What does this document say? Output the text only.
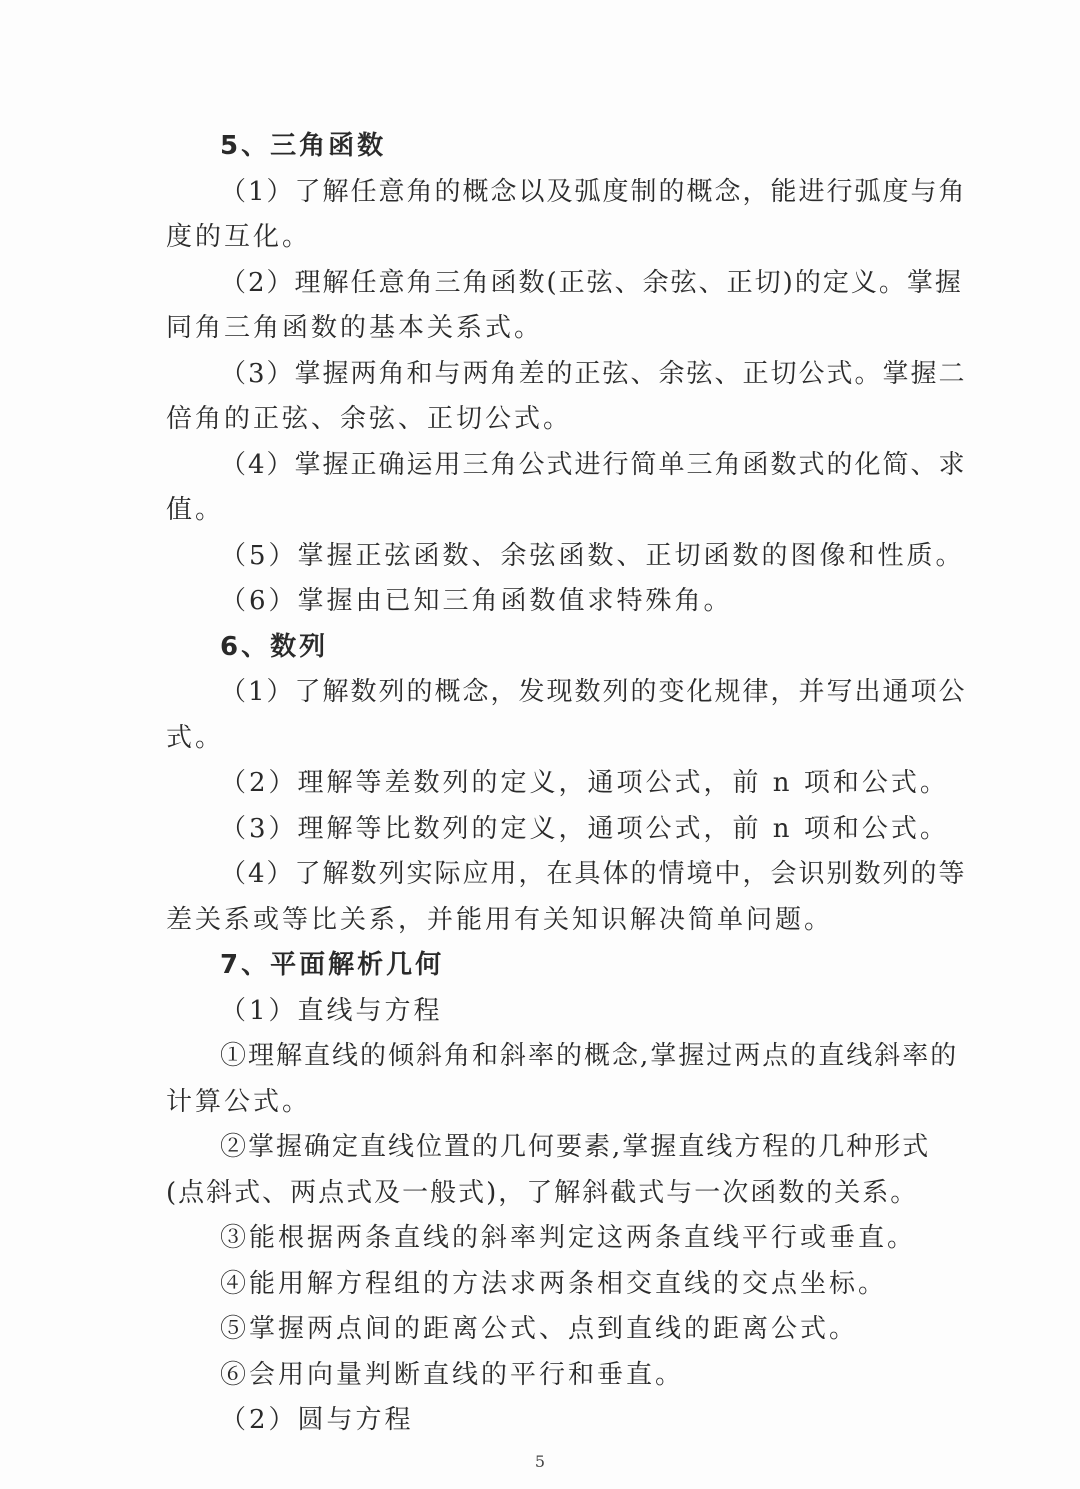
5、三角函数
（1）了解任意角的概念以及弧度制的概念，能进行弧度与角
度的互化。
（2）理解任意角三角函数(正弦、余弦、正切)的定义。掌握
同角三角函数的基本关系式。
（3）掌握两角和与两角差的正弦、余弦、正切公式。掌握二
倍角的正弦、余弦、正切公式。
（4）掌握正确运用三角公式进行简单三角函数式的化简、求
值。
（5）掌握正弦函数、余弦函数、正切函数的图像和性质。
（6）掌握由已知三角函数值求特殊角。
6、数列
（1）了解数列的概念，发现数列的变化规律，并写出通项公
式。
（2）理解等差数列的定义，通项公式，前 n 项和公式。
（3）理解等比数列的定义，通项公式，前 n 项和公式。
（4）了解数列实际应用，在具体的情境中，会识别数列的等
差关系或等比关系，并能用有关知识解决简单问题。
7、平面解析几何
（1）直线与方程
①理解直线的倾斜角和斜率的概念,掌握过两点的直线斜率的
计算公式。
②掌握确定直线位置的几何要素,掌握直线方程的几种形式
(点斜式、两点式及一般式)，了解斜截式与一次函数的关系。
③能根据两条直线的斜率判定这两条直线平行或垂直。
④能用解方程组的方法求两条相交直线的交点坐标。
⑤掌握两点间的距离公式、点到直线的距离公式。
⑥会用向量判断直线的平行和垂直。
（2）圆与方程
5
